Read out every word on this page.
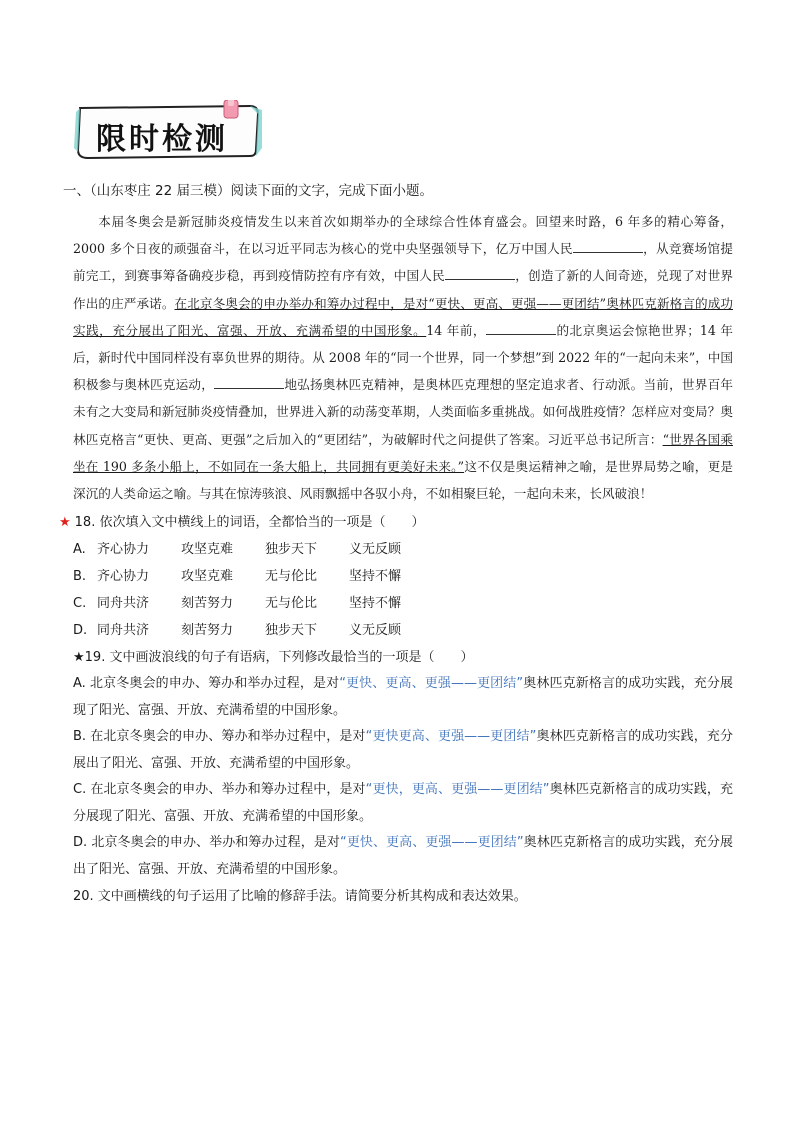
限时检测
一、（山东枣庄 22 届三模）阅读下面的文字，完成下面小题。
本届冬奥会是新冠肺炎疫情发生以来首次如期举办的全球综合性体育盛会。回望来时路，6 年多的精心筹备，2000 多个日夜的顽强奋斗，在以习近平同志为核心的党中央坚强领导下，亿万中国人民	，从竞赛场馆提前完工，到赛事筹备确疫步稳，再到疫情防控有序有效，中国人民	，创造了新的人间奇迹，兑现了对世界作出的庄严承诺。在北京冬奥会的申办举办和筹办过程中，是对“更快、更高、更强——更团结”奥林匹克新格言的成功实践，充分展出了阳光、富强、开放、充满希望的中国形象。14 年前，	的北京奥运会惊艳世界；14 年后，新时代中国同样没有辜负世界的期待。从 2008 年的“同一个世界，同一个梦想”到 2022 年的“一起向未来”，中国积极参与奥林匹克运动，	地弘扬奥林匹克精神，是奥林匹克理想的坚定追求者、行动派。当前，世界百年未有之大变局和新冠肺炎疫情叠加，世界进入新的动荡变革期，人类面临多重挑战。如何战胜疫情？怎样应对变局？奥林匹克格言“更快、更高、更强”之后加入的“更团结”，为破解时代之问提供了答案。习近平总书记所言：“世界各国乘坐在 190 多条小船上，不如同在一条大船上，共同拥有更美好未来。”这不仅是奥运精神之喻，是世界局势之喻，更是深沉的人类命运之喻。与其在惊涛骇浪、风雨飘摇中各驭小舟，不如相聚巨轮，一起向未来，长风破浪！
★ 18. 依次填入文中横线上的词语，全都恰当的一项是（　　）
A. 齐心协力	攻坚克难	独步天下	义无反顾
B. 齐心协力	攻坚克难	无与伦比	坚持不懈
C. 同舟共济	刻苦努力	无与伦比	坚持不懈
D. 同舟共济	刻苦努力	独步天下	义无反顾
★19. 文中画波浪线的句子有语病，下列修改最恰当的一项是（　　）
A. 北京冬奥会的申办、筹办和举办过程，是对“更快、更高、更强——更团结”奥林匹克新格言的成功实践，充分展现了阳光、富强、开放、充满希望的中国形象。
B. 在北京冬奥会的申办、筹办和举办过程中，是对“更快更高、更强——更团结”奥林匹克新格言的成功实践，充分展出了阳光、富强、开放、充满希望的中国形象。
C. 在北京冬奥会的申办、举办和筹办过程中，是对“更快，更高、更强——更团结”奥林匹克新格言的成功实践，充分展现了阳光、富强、开放、充满希望的中国形象。
D. 北京冬奥会的申办、举办和筹办过程，是对“更快、更高、更强——更团结”奥林匹克新格言的成功实践，充分展出了阳光、富强、开放、充满希望的中国形象。
20. 文中画横线的句子运用了比喻的修辞手法。请简要分析其构成和表达效果。
